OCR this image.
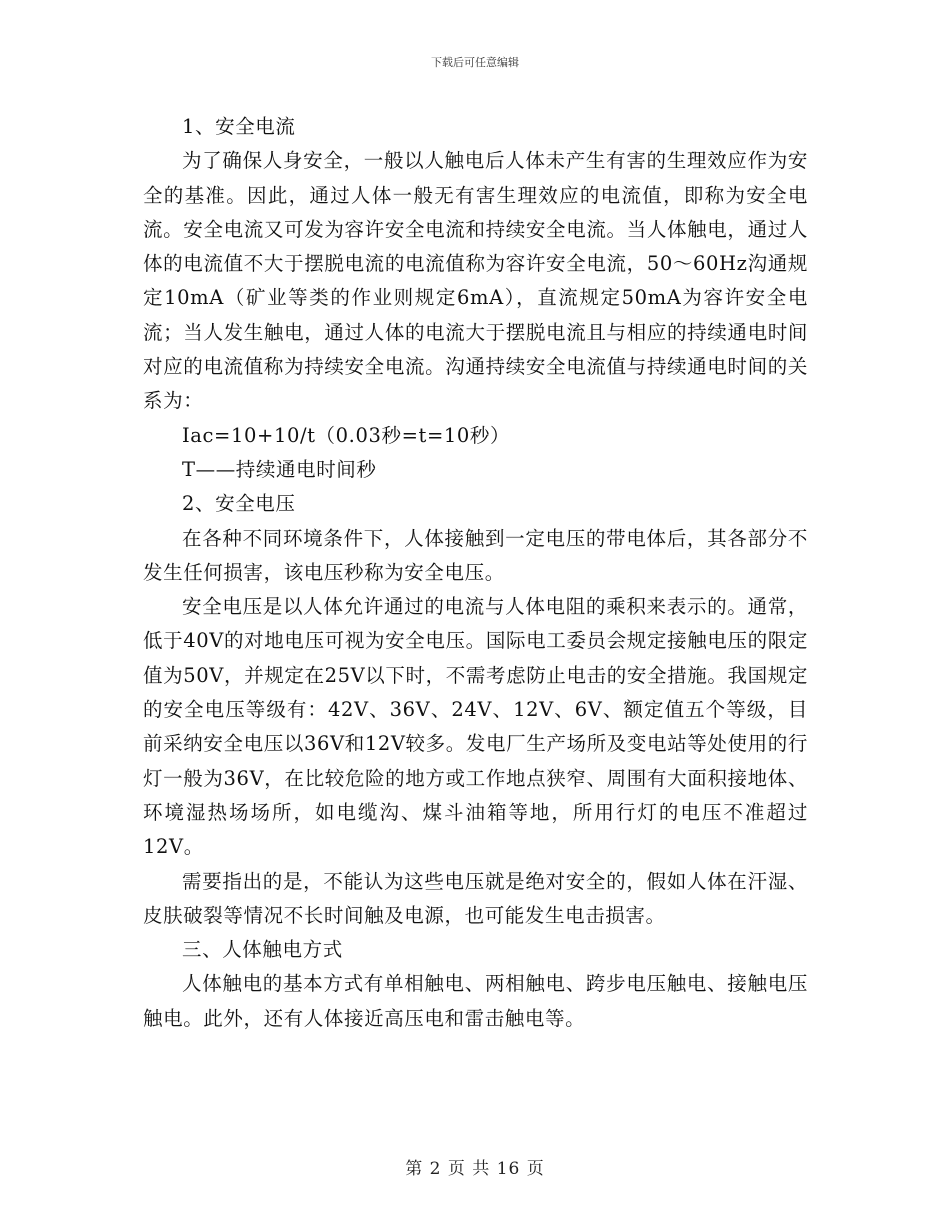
下载后可任意编辑

1、安全电流

为了确保人身安全，一般以人触电后人体未产生有害的生理效应作为安全的基准。因此，通过人体一般无有害生理效应的电流值，即称为安全电流。安全电流又可发为容许安全电流和持续安全电流。当人体触电，通过人体的电流值不大于摆脱电流的电流值称为容许安全电流，50～60Hz沟通规定10mA（矿业等类的作业则规定6mA），直流规定50mA为容许安全电流；当人发生触电，通过人体的电流大于摆脱电流且与相应的持续通电时间对应的电流值称为持续安全电流。沟通持续安全电流值与持续通电时间的关系为：

Iac=10+10/t（0.03秒=t=10秒）

T——持续通电时间秒

2、安全电压

在各种不同环境条件下，人体接触到一定电压的带电体后，其各部分不发生任何损害，该电压秒称为安全电压。

安全电压是以人体允许通过的电流与人体电阻的乘积来表示的。通常，低于40V的对地电压可视为安全电压。国际电工委员会规定接触电压的限定值为50V，并规定在25V以下时，不需考虑防止电击的安全措施。我国规定的安全电压等级有：42V、36V、24V、12V、6V、额定值五个等级，目前采纳安全电压以36V和12V较多。发电厂生产场所及变电站等处使用的行灯一般为36V，在比较危险的地方或工作地点狭窄、周围有大面积接地体、环境湿热场场所，如电缆沟、煤斗油箱等地，所用行灯的电压不准超过12V。

需要指出的是，不能认为这些电压就是绝对安全的，假如人体在汗湿、皮肤破裂等情况不长时间触及电源，也可能发生电击损害。

三、人体触电方式

人体触电的基本方式有单相触电、两相触电、跨步电压触电、接触电压触电。此外，还有人体接近高压电和雷击触电等。

第 2 页 共 16 页
